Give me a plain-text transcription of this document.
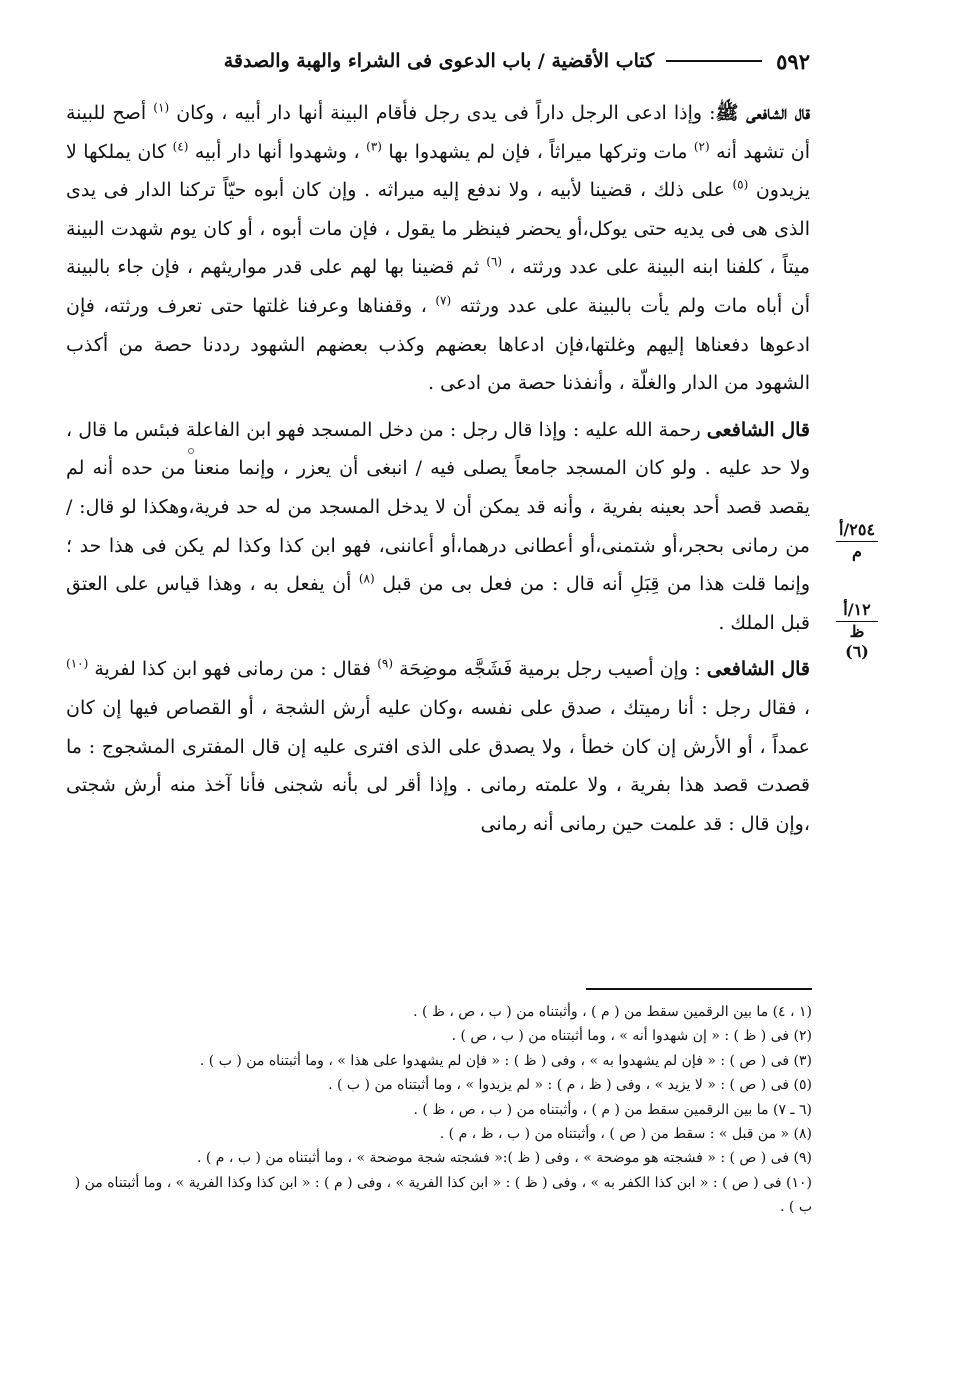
٥٩٢
كتاب الأقضية / باب الدعوى فى الشراء والهبة والصدقة

قال الشافعى ﷺ: وإذا ادعى الرجل داراً فى يدى رجل فأقام البينة أنها دار أبيه ، وكان $^{(١)}$ أصح للبينة أن تشهد أنه $^{(٢)}$ مات وتركها ميراثاً ، فإن لم يشهدوا بها $^{(٣)}$ ، وشهدوا أنها دار أبيه $^{(٤)}$ كان يملكها لا يزيدون $^{(٥)}$ على ذلك ، قضينا لأبيه ، ولا ندفع إليه ميراثه . وإن كان أبوه حيّاً تركنا الدار فى يدى الذى هى فى يديه حتى يوكل،أو يحضر فينظر ما يقول ، فإن مات أبوه ، أو كان يوم شهدت البينة ميتاً ، كلفنا ابنه البينة على عدد ورثته ، $^{(٦)}$ ثم قضينا بها لهم على قدر مواريثهم ، فإن جاء بالبينة أن أباه مات ولم يأت بالبينة على عدد ورثته $^{(٧)}$ ، وقفناها وعرفنا غلتها حتى تعرف ورثته، فإن ادعوها دفعناها إليهم وغلتها،فإن ادعاها بعضهم وكذب بعضهم الشهود رددنا حصة من أكذب الشهود من الدار والغلّة ، وأنفذنا حصة من ادعى .

قال الشافعى رحمة الله عليه : وإذا قال رجل : من دخل المسجد فهو ابن الفاعلة فبئس ما قال ، ولا حد عليه . ولو كان المسجد جامعاً يصلى فيه / انبغى أن يعزر ، وإنما منعنا من حده أنه لم يقصد قصد أحد بعينه بفرية ، وأنه قد يمكن أن لا يدخل المسجد من له حد فرية،وهكذا لو قال: / من رمانى بحجر،أو شتمنى،أو أعطانى درهما،أو أعاننى، فهو ابن كذا وكذا لم يكن فى هذا حد ؛ وإنما قلت هذا من قِبَلِ أنه قال : من فعل بى من قبل $^{(٨)}$ أن يفعل به ، وهذا قياس على العتق قبل الملك .

قال الشافعى : وإن أصيب رجل برمية فَشَجَّه موضِحَة $^{(٩)}$ فقال : من رمانى فهو ابن كذا لفرية $^{(١٠)}$ ، فقال رجل : أنا رميتك ، صدق على نفسه ،وكان عليه أرش الشجة ، أو القصاص فيها إن كان عمداً ، أو الأرش إن كان خطأ ، ولا يصدق على الذى افترى عليه إن قال المفترى المشجوج : ما قصدت قصد هذا بفرية ، ولا علمته رمانى . وإذا أقر لى بأنه شجنى فأنا آخذ منه أرش شجتى ،وإن قال : قد علمت حين رمانى أنه رمانى

٢٥٤/أ
م
١٢/أ
ظ (٦)

(١ ، ٤) ما بين الرقمين سقط من ( م ) ، وأثبتناه من ( ب ، ص ، ظ ) .

(٢) فى ( ظ ) : « إن شهدوا أنه » ، وما أثبتناه من ( ب ، ص ) .

(٣) فى ( ص ) : « فإن لم يشهدوا به » ، وفى ( ظ ) : « فإن لم يشهدوا على هذا » ، وما أثبتناه من ( ب ) .

(٥) فى ( ص ) : « لا يزيد » ، وفى ( ظ ، م ) : « لم يزيدوا » ، وما أثبتناه من ( ب ) .

(٦ ـ ٧) ما بين الرقمين سقط من ( م ) ، وأثبتناه من ( ب ، ص ، ظ ) .

(٨) « من قبل » : سقط من ( ص ) ، وأثبتناه من ( ب ، ظ ، م ) .

(٩) فى ( ص ) : « فشجته هو موضحة » ، وفى ( ظ ):« فشجته شجة موضحة » ، وما أثبتناه من ( ب ، م ) .

(١٠) فى ( ص ) : « ابن كذا الكفر به » ، وفى ( ظ ) : « ابن كذا الفرية » ، وفى ( م ) : « ابن كذا وكذا الفرية » ، وما أثبتناه من ( ب ) .
